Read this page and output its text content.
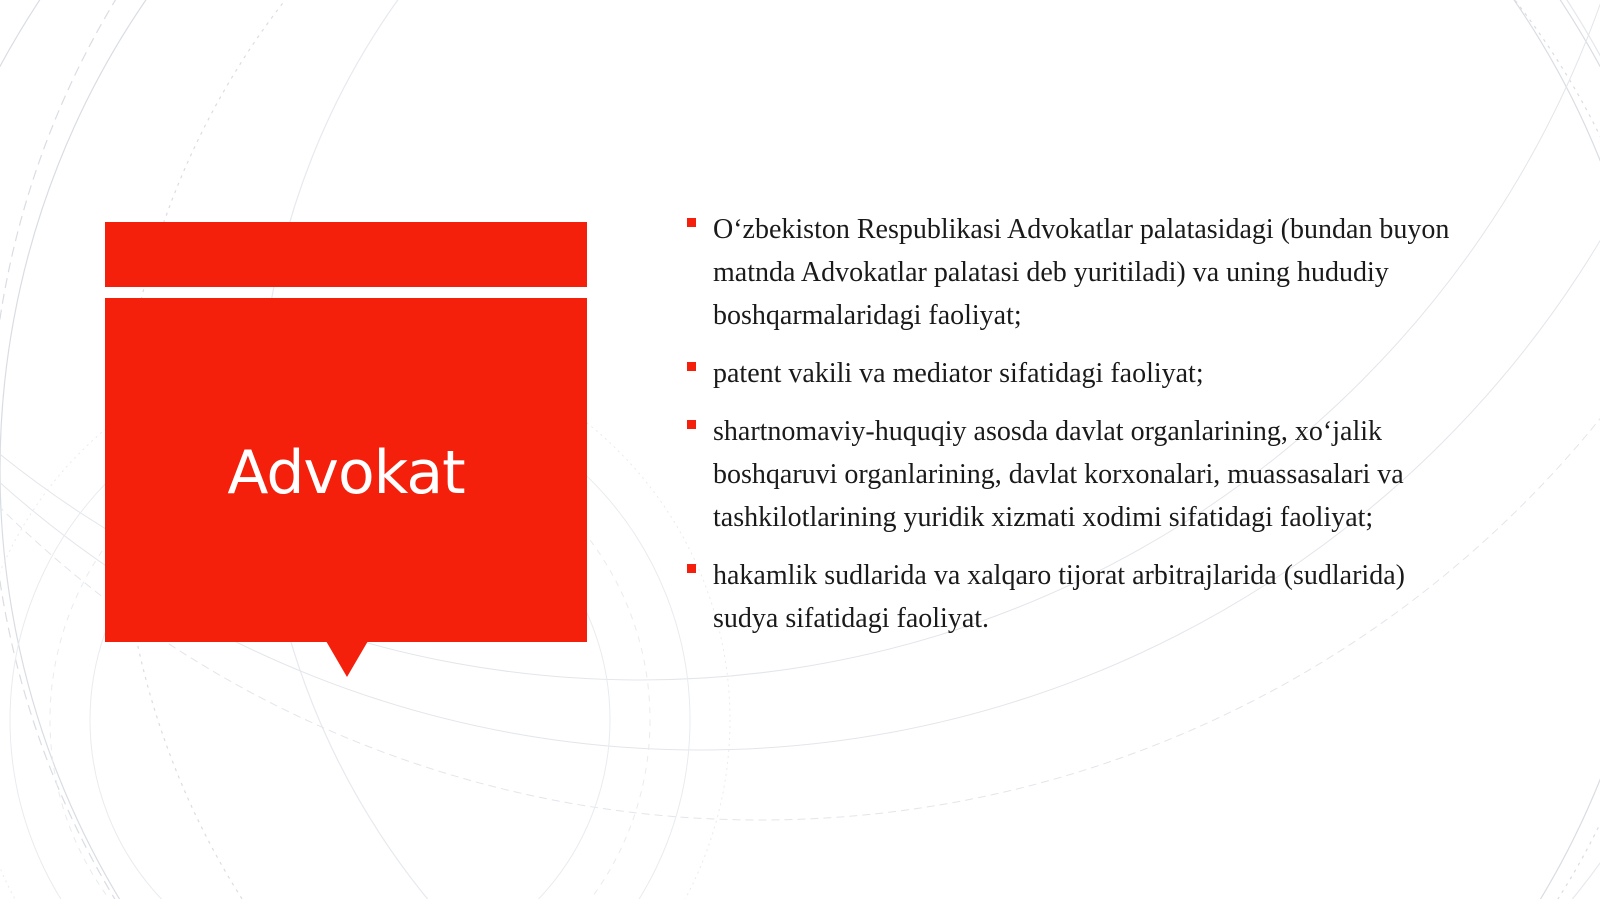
Advokat
O‘zbekiston Respublikasi Advokatlar palatasidagi (bundan buyon matnda Advokatlar palatasi deb yuritiladi) va uning hududiy boshqarmalaridagi faoliyat;
patent vakili va mediator sifatidagi faoliyat;
shartnomaviy-huquqiy asosda davlat organlarining, xo‘jalik boshqaruvi organlarining, davlat korxonalari, muassasalari va tashkilotlarining yuridik xizmati xodimi sifatidagi faoliyat;
hakamlik sudlarida va xalqaro tijorat arbitrajlarida (sudlarida) sudya sifatidagi faoliyat.
